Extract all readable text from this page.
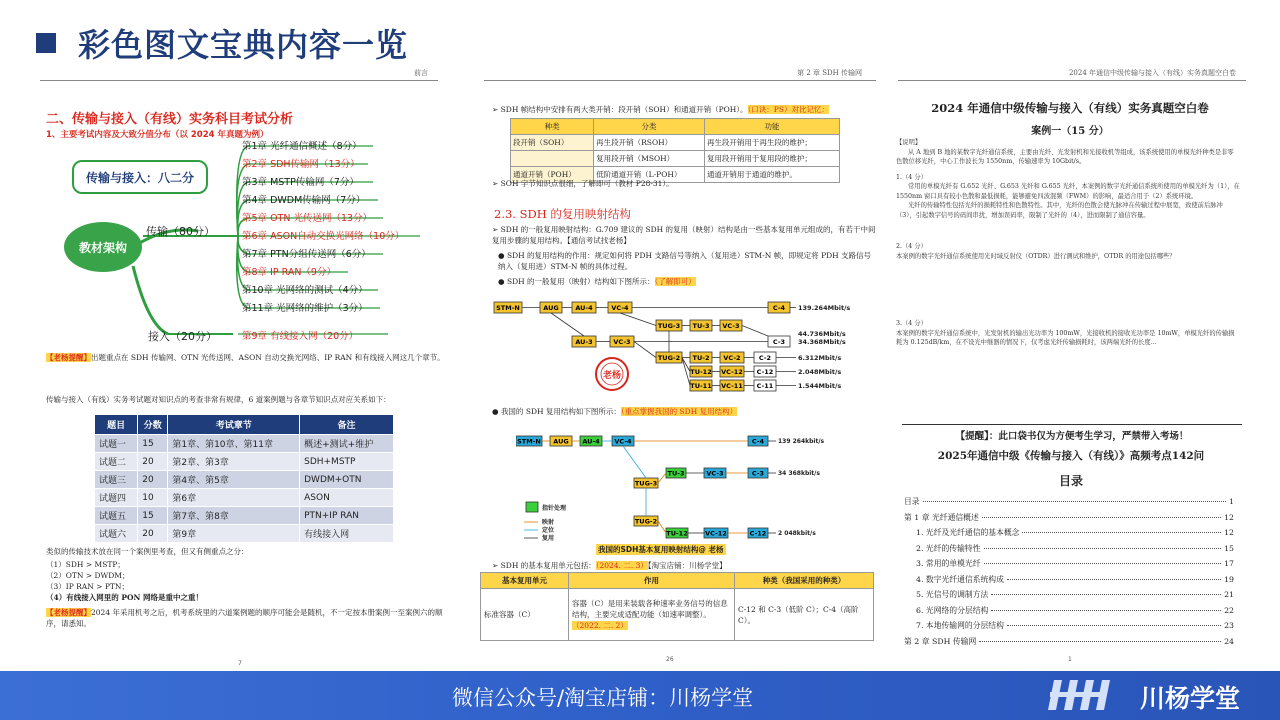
彩色图文宝典内容一览
前言
二、传输与接入（有线）实务科目考试分析
1、主要考试内容及大致分值分布（以 2024 年真题为例）
传输与接入：八二分
教材架构
传输（80分）
接入（20分）
第1章 光纤通信概述（8分）
第2章 SDH传输网（13分）
第3章 MSTP传输网（7分）
第4章 DWDM传输网（7分）
第5章 OTN 光传送网（13分）
第6章 ASON自动交换光网络（10分）
第7章 PTN分组传送网（6分）
第8章 IP RAN（9分）
第10章 光网络的测试（4分）
第11章 光网络的维护（3分）
第9章 有线接入网（20分）
【老杨提醒】出题重点在 SDH 传输网、OTN 光传送网、ASON 自动交换光网络、IP RAN 和有线接入网这几个章节。
传输与接入（有线）实务考试题对知识点的考查非常有规律，6 道案例题与各章节知识点对应关系如下：
题目	分数	考试章节	备注
试题一	15	第1章、第10章、第11章	概述+测试+维护
试题二	20	第2章、第3章	SDH+MSTP
试题三	20	第4章、第5章	DWDM+OTN
试题四	10	第6章	ASON
试题五	15	第7章、第8章	PTN+IP RAN
试题六	20	第9章	有线接入网
类似的传输技术放在同一个案例里考查，但又有侧重点之分：
（1）SDH > MSTP；
（2）OTN > DWDM；
（3）IP RAN > PTN；
（4）有线接入网里的 PON 网络是重中之重！
【老杨提醒】2024 年采用机考之后，机考系统里的六道案例题的顺序可能会是随机，不一定按本册案例一至案例六的顺序，请悉知。
7
第 2 章 SDH 传输网
➢ SDH 帧结构中安排有两大类开销：段开销（SOH）和通道开销（POH）。（口诀：PS）对比记忆：
种类	分类	功能
段开销（SOH）	再生段开销（RSOH）	再生段开销用于再生段的维护；
	复用段开销（MSOH）	复用段开销用于复用段的维护；
通道开销（POH）	低阶通道开销（L-POH）	通道开销用于通道的维护。
➢ SOH 字节知识点很细，了解即可（教材 P28-31）。
2.3. SDH 的复用映射结构
➢ SDH 的一般复用映射结构：G.709 建议的 SDH 的复用（映射）结构是由一些基本复用单元组成的，有若干中间复用步骤的复用结构。【通信考试找老杨】
● SDH 的复用结构的作用：规定如何将 PDH 支路信号等纳入（复用进）STM-N 帧，即规定将 PDH 支路信号纳入（复用进）STM-N 帧的具体过程。
● SDH 的一般复用（映射）结构如下图所示：（了解即可）
STM-N	AUG	AU-4	VC-4	C-4 139.264Mbit/s
AU-3	VC-3
TUG-3 TU-3 VC-3
C-3
44.736Mbit/s
34.368Mbit/s
TUG-2 TU-2 VC-2	C-2	6.312Mbit/s
TU-12 VC-12 C-12	2.048Mbit/s
TU-11 VC-11 C-11	1.544Mbit/s
老杨
● 我国的 SDH 复用结构如下图所示：（重点掌握我国的 SDH 复用结构）
STM-N AUG AU-4 VC-4	C-4 139 264kbit/s
TUG-3
TU-3	VC-3	C-3 34 368kbit/s
TUG-2
TU-12	VC-12	C-12 2 048kbit/s
指针处理
映射
定位
复用
我国的SDH基本复用映射结构@ 老杨
➢ SDH 的基本复用单元包括：（2024. 二. 3）【淘宝店铺：川杨学堂】
基本复用单元	作用	种类（我国采用的种类）
标准容器（C）	容器（C）是用来装载各种速率业务信号的信息结构，主要完成适配功能（如速率调整）。（2022. 二. 2）	C-12 和 C-3（低阶 C）；C-4（高阶 C）。
26
2024 年通信中级传输与接入（有线）实务真题空白卷
2024 年通信中级传输与接入（有线）实务真题空白卷
案例一（15 分）
【说明】
从 A 地到 B 地的某数字光纤通信系统，主要由光纤、光发射机和光接收机等组成，该系统使用的单模光纤种类是非零色散位移光纤，中心工作波长为 1550nm，传输速率为 10Gbit/s。
1.（4 分）
常用的单模光纤有 G.652 光纤、G.653 光纤和 G.655 光纤，本案例的数字光纤通信系统所使用的单模光纤为（1），在 1550nm 窗口具有较小色散和最低损耗，能够避免四波混频（FWM）的影响，最适合用于（2）系统环境。
光纤的传输特性包括光纤的损耗特性和色散特性。其中，光纤的色散会使光脉冲在传输过程中展宽，致使前后脉冲（3），引起数字信号的码间串扰，增加误码率，限制了光纤的（4），进而限制了通信容量。
2.（4 分）
本案例的数字光纤通信系统使用光时域反射仪（OTDR）进行测试和维护，OTDR 的用途包括哪些？
3.（4 分）
本案例的数字光纤通信系统中，光发射机的输出光功率为 100mW，光接收机的接收光功率是 10mW，单模光纤的传输损耗为 0.125dB/km，在不设光中继器的情况下，仅考虑光纤传输损耗时，该两端光纤的长度...
【提醒】：此口袋书仅为方便考生学习，严禁带入考场！
2025年通信中级《传输与接入（有线）》高频考点142问
目录
目录	1
第 1 章 光纤通信概述	12
1. 光纤及光纤通信的基本概念	12
2. 光纤的传输特性	15
3. 常用的单模光纤	17
4. 数字光纤通信系统构成	19
5. 光信号的调制方法	21
6. 光网络的分层结构	22
7. 本地传输网的分层结构	23
第 2 章 SDH 传输网	24
1
微信公众号/淘宝店铺：川杨学堂	川杨学堂
